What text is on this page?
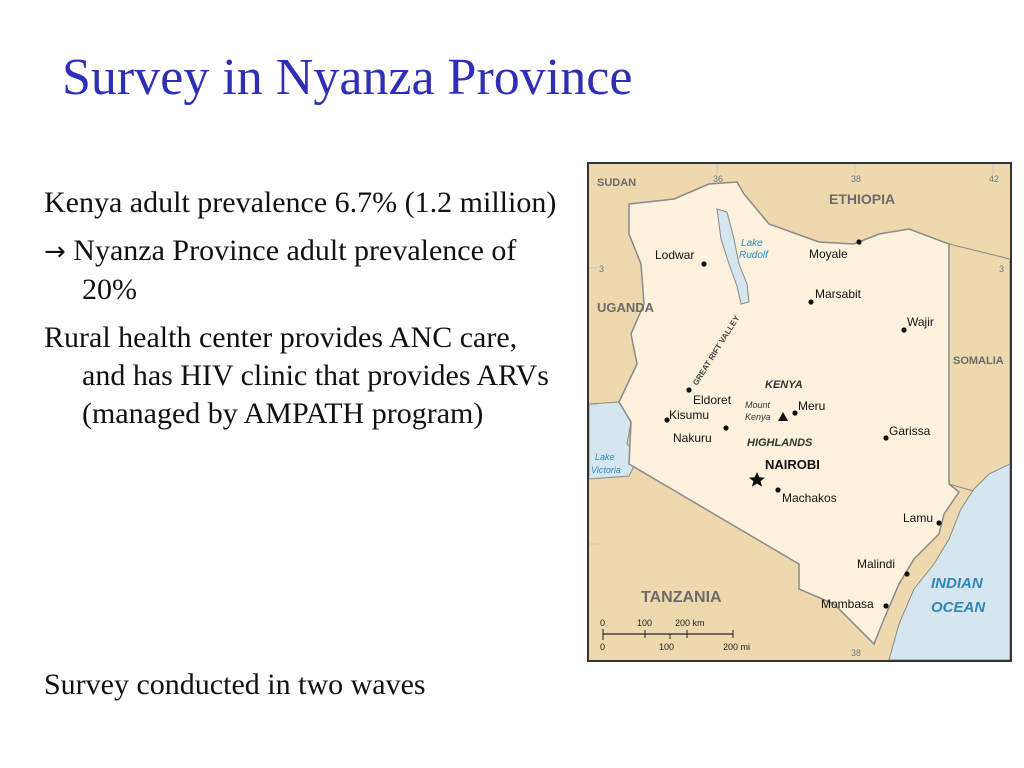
Survey in Nyanza Province

Kenya adult prevalence 6.7% (1.2 million)

→ Nyanza Province adult prevalence of 20%

Rural health center provides ANC care, and has HIV clinic that provides ARVs (managed by AMPATH program)

Survey conducted in two waves
36	38
38
42
3	3
SUDAN
ETHIOPIA
UGANDA
SOMALIA
TANZANIA
KENYA
Lake
Rudolf
Lake
Victoria
INDIAN
OCEAN
GREAT RIFT VALLEY
HIGHLANDS
Mount
Kenya
Lodwar	Moyale
Marsabit
Wajir
Eldoret
Kisumu
Nakuru
Meru
Garissa
NAIROBI
Machakos
Lamu
Malindi
Mombasa
0	100	200 km
0	100	200 mi
